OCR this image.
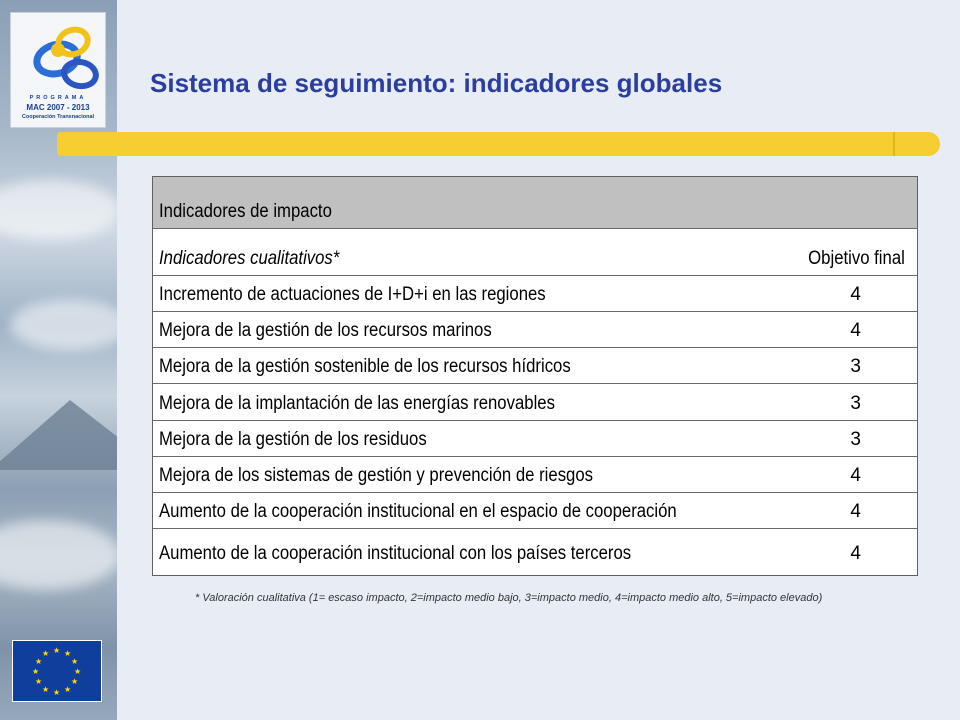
PROGRAMA
MAC 2007 - 2013
Cooperación Transnacional
★ ★
★
★
★
★
★
★
★
★
★
★
Sistema de seguimiento: indicadores globales
Indicadores de impacto
Indicadores cualitativos*	Objetivo final
Incremento de actuaciones de I+D+i en las regiones	4
Mejora de la gestión de los recursos marinos	4
Mejora de la gestión sostenible de los recursos hídricos	3
Mejora de la implantación de las energías renovables	3
Mejora de la gestión de los residuos	3
Mejora de los sistemas de gestión y prevención de riesgos	4
Aumento de la cooperación institucional en el espacio de cooperación	4
Aumento de la cooperación institucional con los países terceros	4
* Valoración cualitativa (1= escaso impacto, 2=impacto medio bajo, 3=impacto medio, 4=impacto medio alto, 5=impacto elevado)
